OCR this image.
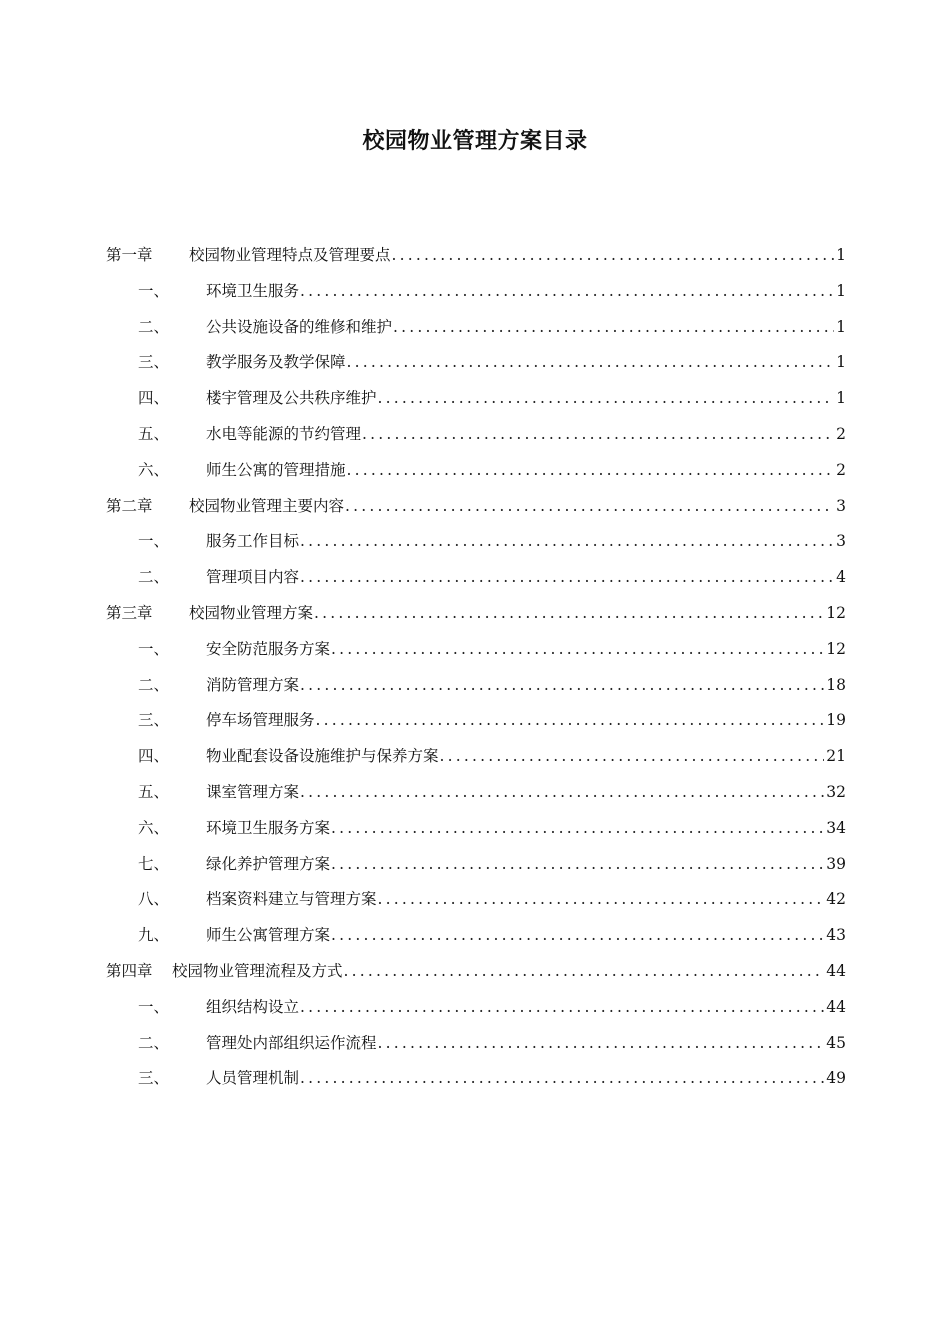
校园物业管理方案目录
第一章	校园物业管理特点及管理要点 .....	1
一、	环境卫生服务 .....	1
二、	公共设施设备的维修和维护 .....	1
三、	教学服务及教学保障 .....	1
四、	楼宇管理及公共秩序维护 .....	1
五、	水电等能源的节约管理 .....	2
六、	师生公寓的管理措施 .....	2
第二章	校园物业管理主要内容 .....	3
一、	服务工作目标 .....	3
二、	管理项目内容 .....	4
第三章	校园物业管理方案 .....	12
一、	安全防范服务方案 .....	12
二、	消防管理方案 .....	18
三、	停车场管理服务 .....	19
四、	物业配套设备设施维护与保养方案 .....	21
五、	课室管理方案 .....	32
六、	环境卫生服务方案 .....	34
七、	绿化养护管理方案 .....	39
八、	档案资料建立与管理方案 .....	42
九、	师生公寓管理方案 .....	43
第四章	校园物业管理流程及方式 .....	44
一、	组织结构设立 .....	44
二、	管理处内部组织运作流程 .....	45
三、	人员管理机制 .....	49
